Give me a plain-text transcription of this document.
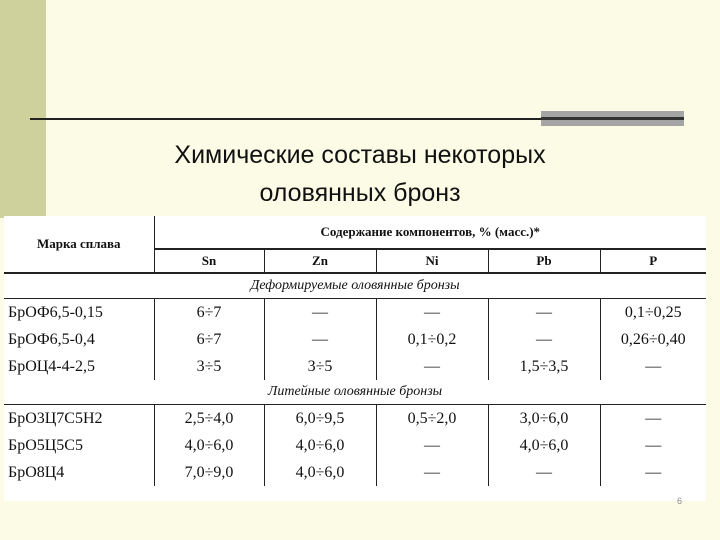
Химические составы некоторых
оловянных бронз
Марка сплава	Содержание компонентов, % (масс.)*				
	Sn	Zn	Ni	Pb	P
Деформируемые оловянные бронзы					
БрОФ6,5-0,15	6÷7	—	—	—	0,1÷0,25
БрОФ6,5-0,4	6÷7	—	0,1÷0,2	—	0,26÷0,40
БрОЦ4-4-2,5	3÷5	3÷5	—	1,5÷3,5	—
Литейные оловянные бронзы					
БрО3Ц7С5Н2	2,5÷4,0	6,0÷9,5	0,5÷2,0	3,0÷6,0	—
БрО5Ц5С5	4,0÷6,0	4,0÷6,0	—	4,0÷6,0	—
БрО8Ц4	7,0÷9,0	4,0÷6,0	—	—	—
6
